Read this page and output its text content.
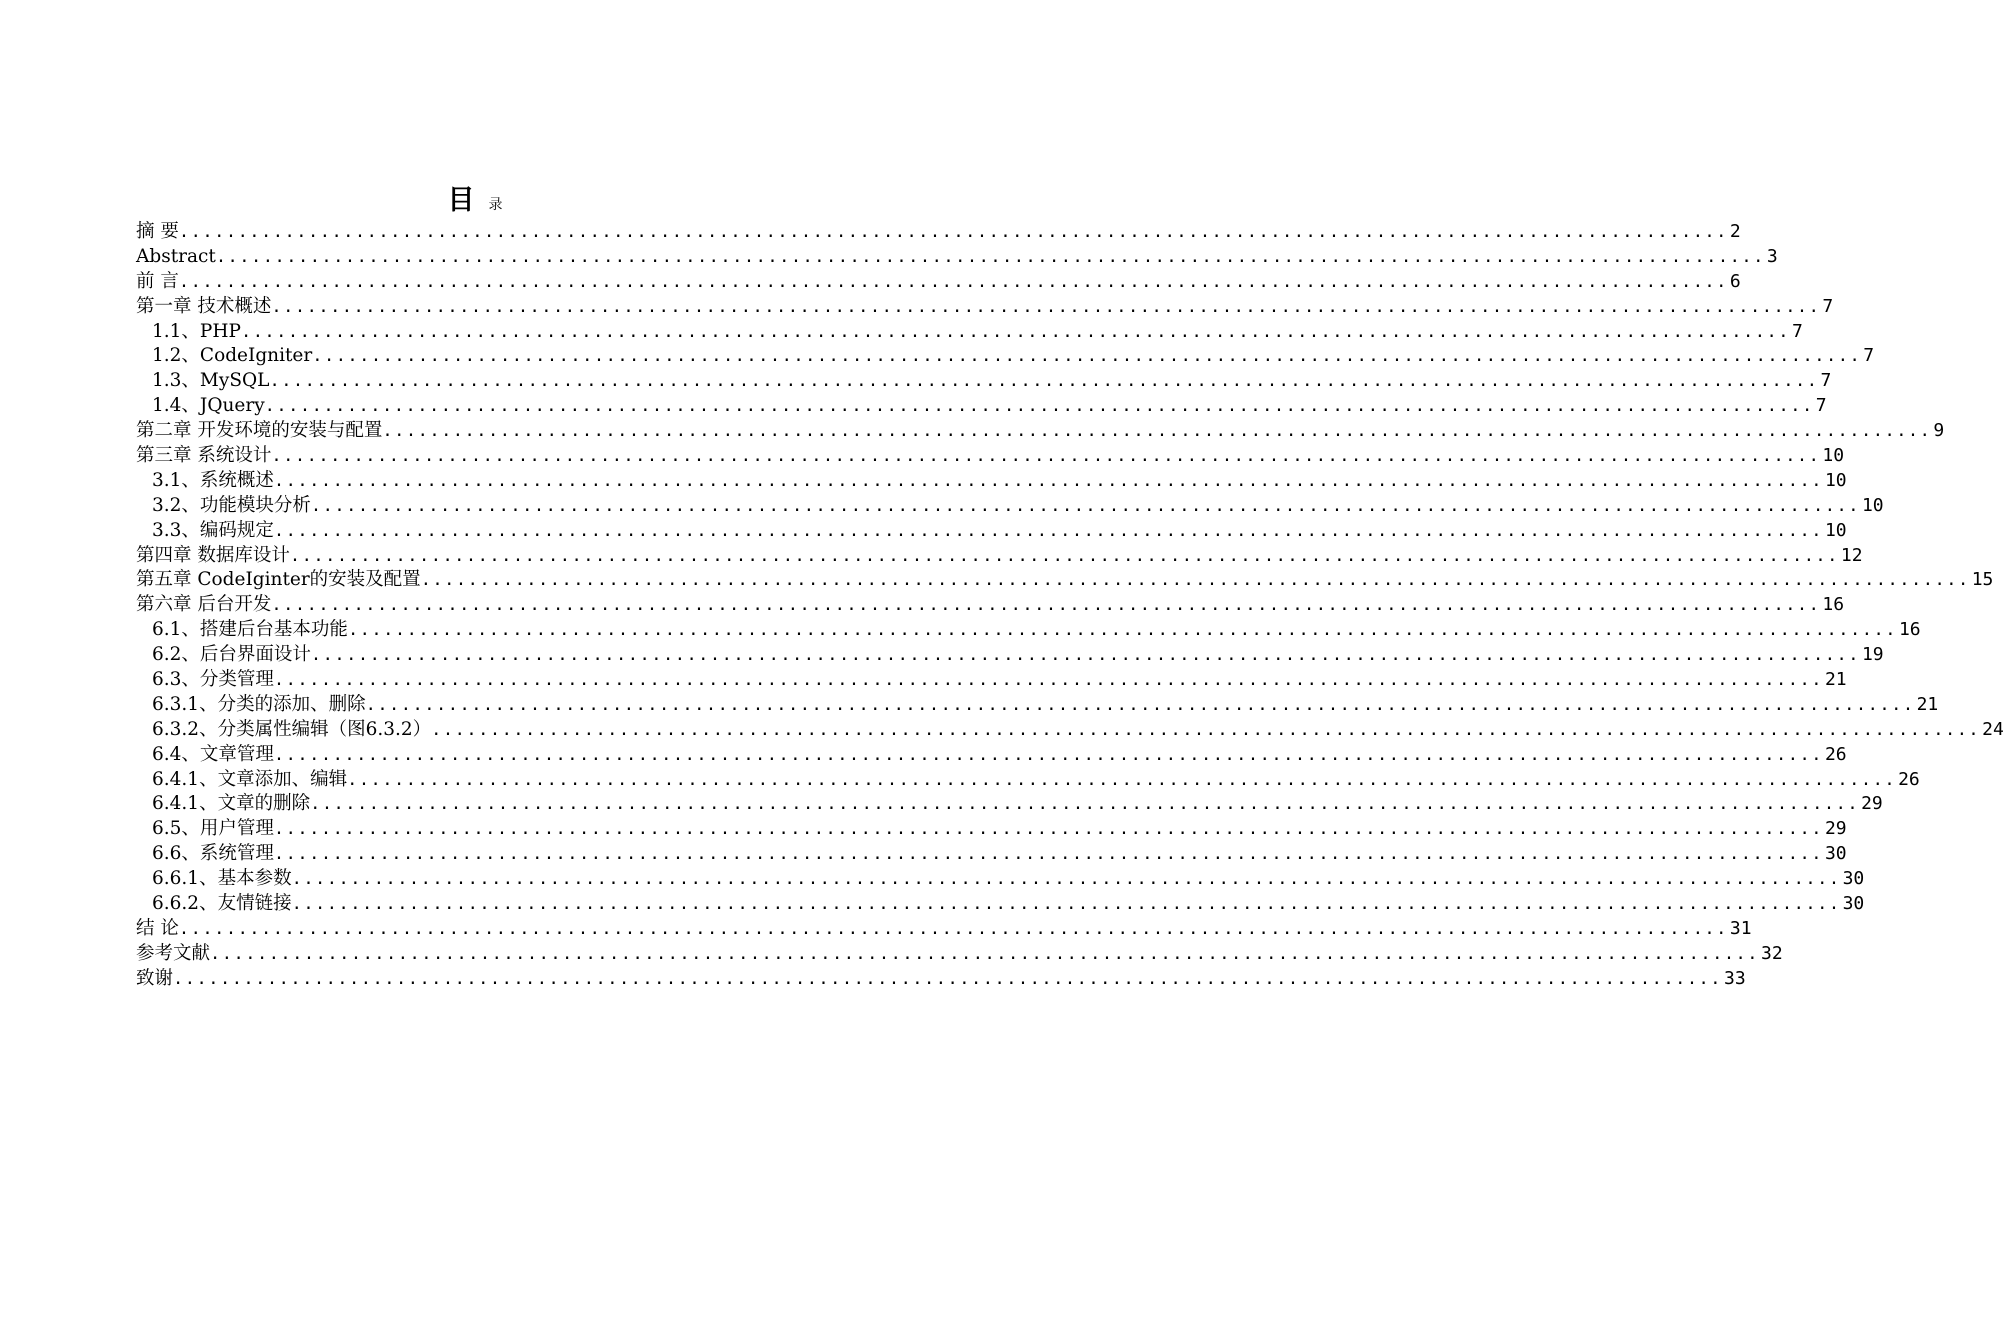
目 录
摘 要 .................................................................................................................................... 2
Abstract .................................................................................................................................... 3
前 言 .................................................................................................................................... 6
第一章 技术概述 .................................................................................................................................... 7
1.1、PHP .................................................................................................................................... 7
1.2、CodeIgniter .................................................................................................................................... 7
1.3、MySQL .................................................................................................................................... 7
1.4、JQuery .................................................................................................................................... 7
第二章 开发环境的安装与配置 .................................................................................................................................... 9
第三章 系统设计 .................................................................................................................................... 10
3.1、系统概述 .................................................................................................................................... 10
3.2、功能模块分析 .................................................................................................................................... 10
3.3、编码规定 .................................................................................................................................... 10
第四章 数据库设计 .................................................................................................................................... 12
第五章 CodeIginter的安装及配置 .................................................................................................................................... 15
第六章 后台开发 .................................................................................................................................... 16
6.1、搭建后台基本功能 .................................................................................................................................... 16
6.2、后台界面设计 .................................................................................................................................... 19
6.3、分类管理 .................................................................................................................................... 21
6.3.1、分类的添加、删除 .................................................................................................................................... 21
6.3.2、分类属性编辑（图6.3.2） .................................................................................................................................... 24
6.4、文章管理 .................................................................................................................................... 26
6.4.1、文章添加、编辑 .................................................................................................................................... 26
6.4.1、文章的删除 .................................................................................................................................... 29
6.5、用户管理 .................................................................................................................................... 29
6.6、系统管理 .................................................................................................................................... 30
6.6.1、基本参数 .................................................................................................................................... 30
6.6.2、友情链接 .................................................................................................................................... 30
结 论 .................................................................................................................................... 31
参考文献 .................................................................................................................................... 32
致谢 .................................................................................................................................... 33
